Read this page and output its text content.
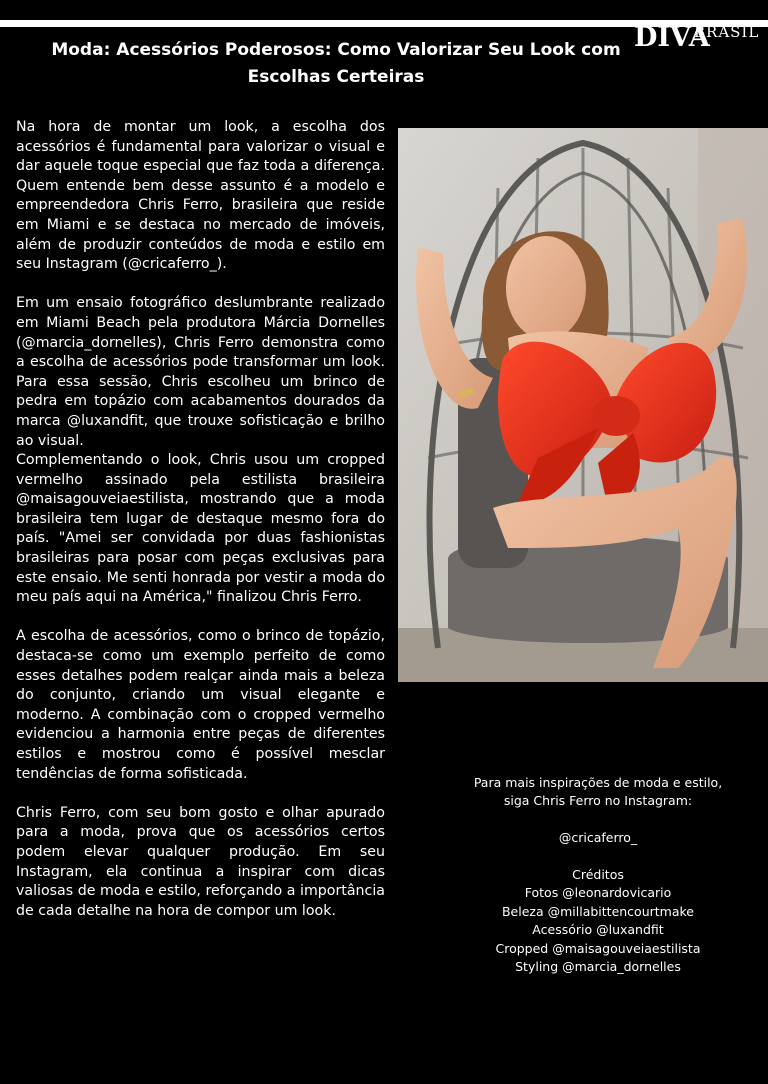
DIVA
BRASIL
Moda: Acessórios Poderosos: Como Valorizar Seu Look com Escolhas Certeiras

Na hora de montar um look, a escolha dos acessórios é fundamental para valorizar o visual e dar aquele toque especial que faz toda a diferença. Quem entende bem desse assunto é a modelo e empreendedora Chris Ferro, brasileira que reside em Miami e se destaca no mercado de imóveis, além de produzir conteúdos de moda e estilo em seu Instagram (@cricaferro_).

Em um ensaio fotográfico deslumbrante realizado em Miami Beach pela produtora Márcia Dornelles (@marcia_dornelles), Chris Ferro demonstra como a escolha de acessórios pode transformar um look. Para essa sessão, Chris escolheu um brinco de pedra em topázio com acabamentos dourados da marca @luxandfit, que trouxe sofisticação e brilho ao visual.

Complementando o look, Chris usou um cropped vermelho assinado pela estilista brasileira @maisagouveiaestilista, mostrando que a moda brasileira tem lugar de destaque mesmo fora do país. "Amei ser convidada por duas fashionistas brasileiras para posar com peças exclusivas para este ensaio. Me senti honrada por vestir a moda do meu país aqui na América," finalizou Chris Ferro.

A escolha de acessórios, como o brinco de topázio, destaca-se como um exemplo perfeito de como esses detalhes podem realçar ainda mais a beleza do conjunto, criando um visual elegante e moderno. A combinação com o cropped vermelho evidenciou a harmonia entre peças de diferentes estilos e mostrou como é possível mesclar tendências de forma sofisticada.

Chris Ferro, com seu bom gosto e olhar apurado para a moda, prova que os acessórios certos podem elevar qualquer produção. Em seu Instagram, ela continua a inspirar com dicas valiosas de moda e estilo, reforçando a importância de cada detalhe na hora de compor um look.

Para mais inspirações de moda e estilo,
siga Chris Ferro no Instagram:
@cricaferro_
Créditos
Fotos @leonardovicario
Beleza @millabittencourtmake
Acessório @luxandfit
Cropped @maisagouveiaestilista
Styling @marcia_dornelles
